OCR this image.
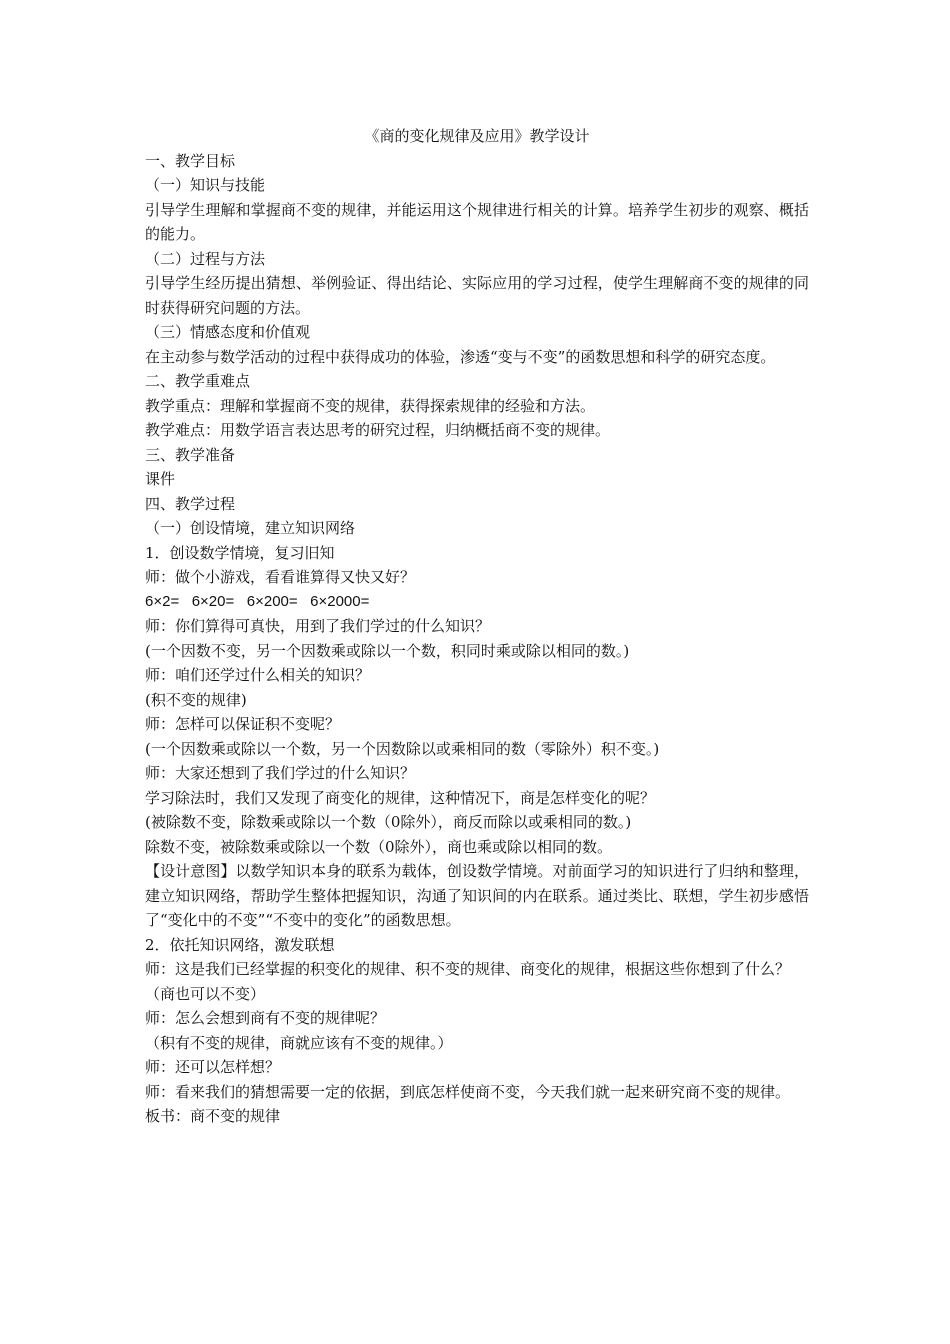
《商的变化规律及应用》教学设计
一、教学目标
（一）知识与技能
引导学生理解和掌握商不变的规律，并能运用这个规律进行相关的计算。培养学生初步的观察、概括的能力。
（二）过程与方法
引导学生经历提出猜想、举例验证、得出结论、实际应用的学习过程，使学生理解商不变的规律的同时获得研究问题的方法。
（三）情感态度和价值观
在主动参与数学活动的过程中获得成功的体验，渗透“变与不变”的函数思想和科学的研究态度。
二、教学重难点
教学重点：理解和掌握商不变的规律，获得探索规律的经验和方法。
教学难点：用数学语言表达思考的研究过程，归纳概括商不变的规律。
三、教学准备
课件
四、教学过程
（一）创设情境，建立知识网络
1．创设数学情境，复习旧知
师：做个小游戏，看看谁算得又快又好？
6×2=   6×20=   6×200=   6×2000=
师：你们算得可真快，用到了我们学过的什么知识？
(一个因数不变，另一个因数乘或除以一个数，积同时乘或除以相同的数。)
师：咱们还学过什么相关的知识？
(积不变的规律)
师：怎样可以保证积不变呢？
(一个因数乘或除以一个数，另一个因数除以或乘相同的数（零除外）积不变。)
师：大家还想到了我们学过的什么知识？
学习除法时，我们又发现了商变化的规律，这种情况下，商是怎样变化的呢？
(被除数不变，除数乘或除以一个数（0除外），商反而除以或乘相同的数。)
除数不变，被除数乘或除以一个数（0除外），商也乘或除以相同的数。
【设计意图】以数学知识本身的联系为载体，创设数学情境。对前面学习的知识进行了归纳和整理，建立知识网络，帮助学生整体把握知识，沟通了知识间的内在联系。通过类比、联想，学生初步感悟了“变化中的不变”“不变中的变化”的函数思想。
2．依托知识网络，激发联想
师：这是我们已经掌握的积变化的规律、积不变的规律、商变化的规律，根据这些你想到了什么？
（商也可以不变）
师：怎么会想到商有不变的规律呢？
（积有不变的规律，商就应该有不变的规律。）
师：还可以怎样想？
师：看来我们的猜想需要一定的依据，到底怎样使商不变，今天我们就一起来研究商不变的规律。
板书：商不变的规律
